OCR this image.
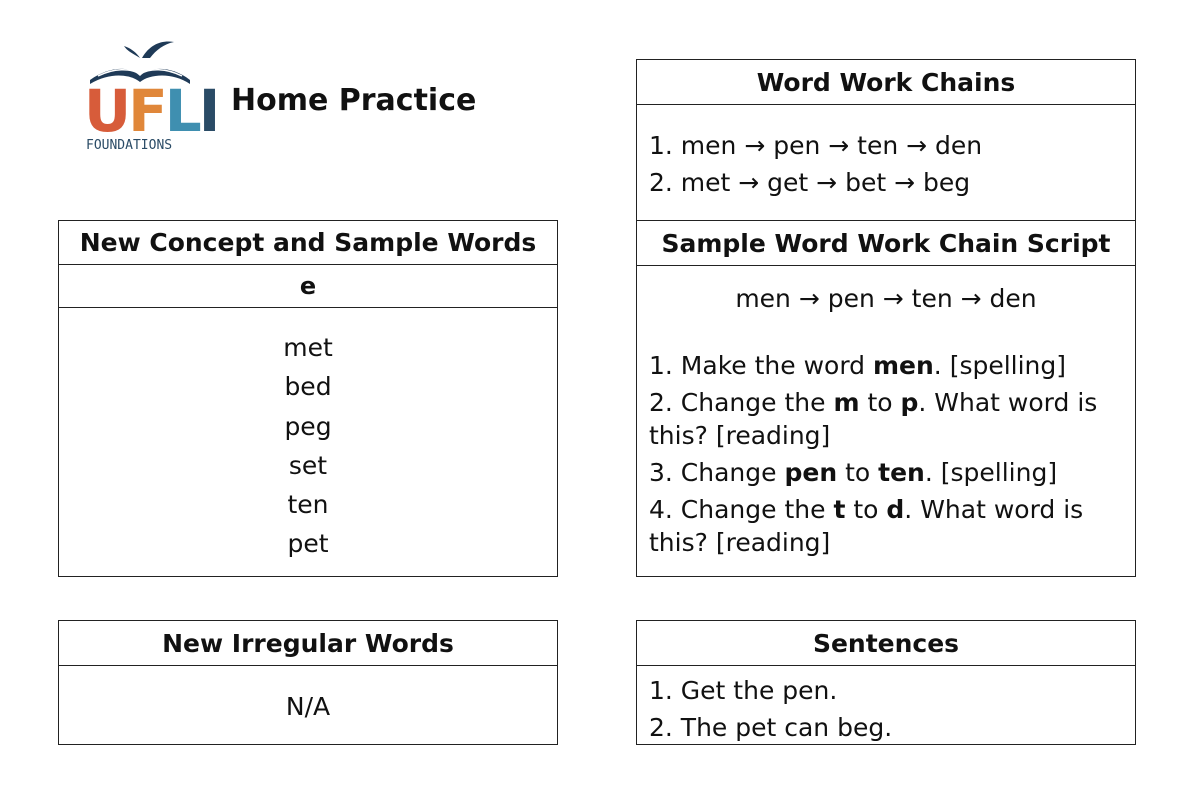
UFLI
FOUNDATIONS
Home Practice
New Concept and Sample Words
e
met
bed
peg
set
ten
pet
New Irregular Words
N/A
Word Work Chains
1. men → pen → ten → den
2. met → get → bet → beg
Sample Word Work Chain Script
men → pen → ten → den
1. Make the word men. [spelling]
2. Change the m to p. What word is this? [reading]
3. Change pen to ten. [spelling]
4. Change the t to d. What word is this? [reading]
Sentences
1. Get the pen.
2. The pet can beg.
